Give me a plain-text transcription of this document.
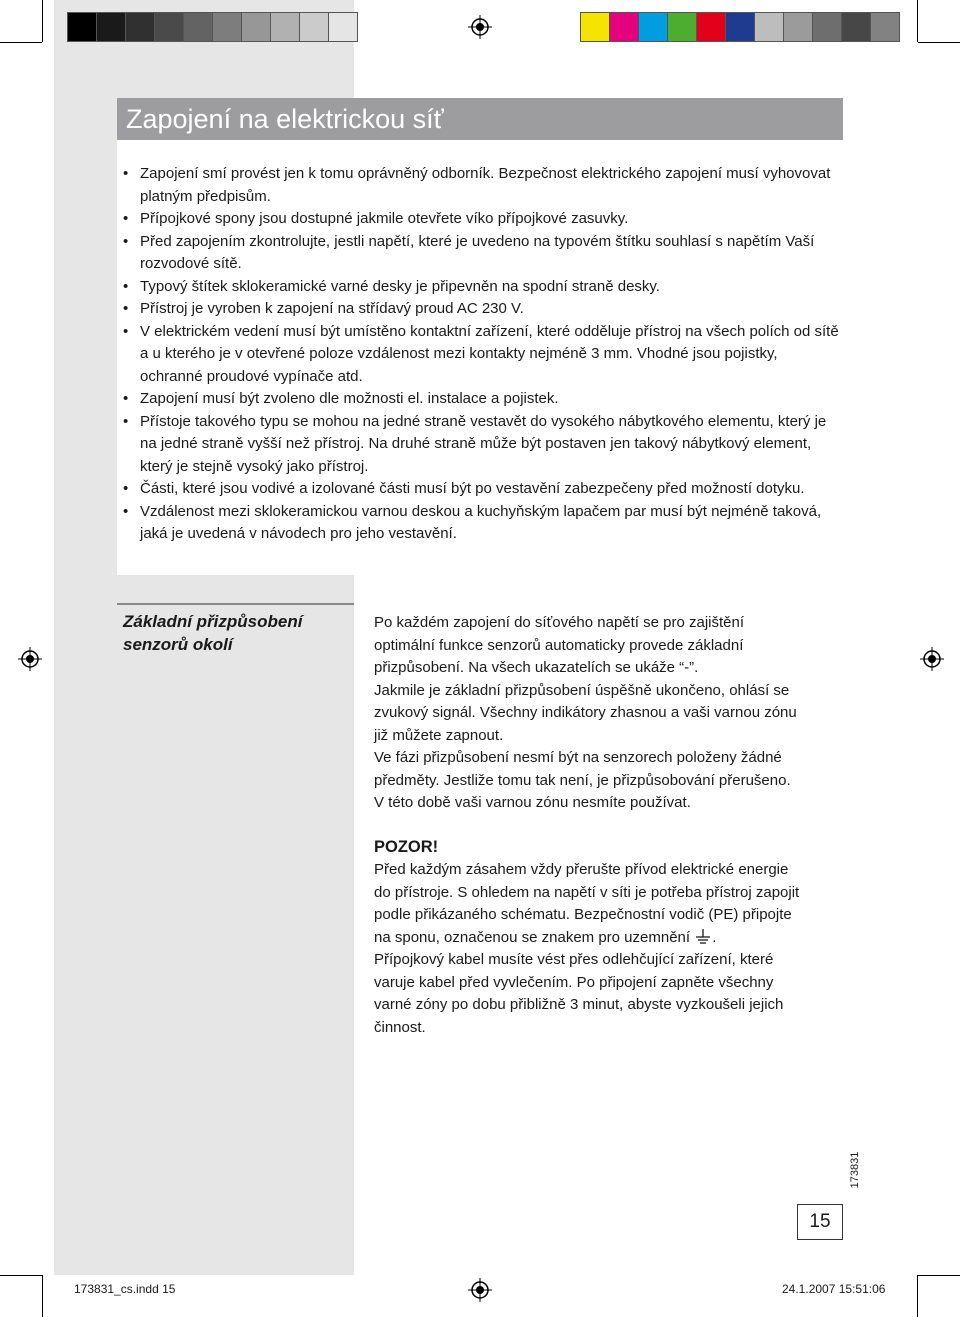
Zapojení na elektrickou síť
• Zapojení smí provést jen k tomu oprávněný odborník. Bezpečnost elektrického zapojení musí vyhovovat platným předpisům.
• Přípojkové spony jsou dostupné jakmile otevřete víko přípojkové zasuvky.
• Před zapojením zkontrolujte, jestli napětí, které je uvedeno na typovém štítku souhlasí s napětím Vaší rozvodové sítě.
• Typový štítek sklokeramické varné desky je připevněn na spodní straně desky.
• Přístroj je vyroben k zapojení na střídavý proud AC 230 V.
• V elektrickém vedení musí být umístěno kontaktní zařízení, které odděluje přístroj na všech polích od sítě a u kterého je v otevřené poloze vzdálenost mezi kontakty nejméně 3 mm. Vhodné jsou pojistky, ochranné proudové vypínače atd.
• Zapojení musí být zvoleno dle možnosti el. instalace a pojistek.
• Přístoje takového typu se mohou na jedné straně vestavět do vysokého nábytkového elementu, který je na jedné straně vyšší než přístroj. Na druhé straně může být postaven jen takový nábytkový element, který je stejně vysoký jako přístroj.
• Části, které jsou vodivé a izolované části musí být po vestavění zabezpečeny před možností dotyku.
• Vzdálenost mezi sklokeramickou varnou deskou a kuchyňským lapačem par musí být nejméně taková, jaká je uvedená v návodech pro jeho vestavění.
Základní přizpůsobení
senzorů okolí
Po každém zapojení do síťového napětí se pro zajištění
optimální funkce senzorů automaticky provede základní
přizpůsobení. Na všech ukazatelích se ukáže “-”.
Jakmile je základní přizpůsobení úspěšně ukončeno, ohlásí se
zvukový signál. Všechny indikátory zhasnou a vaši varnou zónu
již můžete zapnout.
Ve fázi přizpůsobení nesmí být na senzorech položeny žádné
předměty. Jestliže tomu tak není, je přizpůsobování přerušeno.
V této době vaši varnou zónu nesmíte používat.
POZOR!
Před každým zásahem vždy přerušte přívod elektrické energie
do přístroje. S ohledem na napětí v síti je potřeba přístroj zapojit
podle přikázaného schématu. Bezpečnostní vodič (PE) připojte
na sponu, označenou se znakem pro uzemnění .
Přípojkový kabel musíte vést přes odlehčující zařízení, které
varuje kabel před vyvlečením. Po připojení zapněte všechny
varné zóny po dobu přibližně 3 minut, abyste vyzkoušeli jejich
činnost.
173831
15
173831_cs.indd 15	24.1.2007 15:51:06
